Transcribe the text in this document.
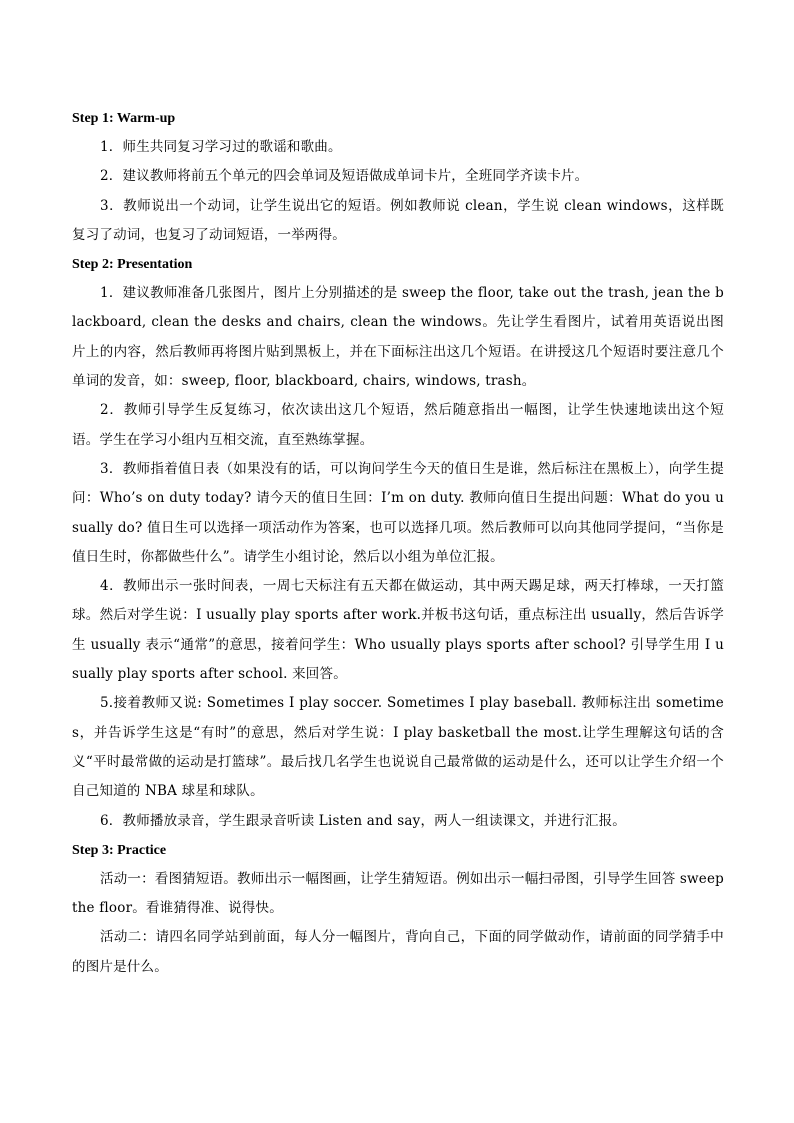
Step 1: Warm-up

1．师生共同复习学习过的歌谣和歌曲。

2．建议教师将前五个单元的四会单词及短语做成单词卡片，全班同学齐读卡片。

3．教师说出一个动词，让学生说出它的短语。例如教师说 clean，学生说 clean windows，这样既复习了动词，也复习了动词短语，一举两得。

Step 2: Presentation

1．建议教师准备几张图片，图片上分别描述的是 sweep the floor, take out the trash, jean the blackboard, clean the desks and chairs, clean the windows。先让学生看图片，试着用英语说出图片上的内容，然后教师再将图片贴到黑板上，并在下面标注出这几个短语。在讲授这几个短语时要注意几个单词的发音，如：sweep, floor, blackboard, chairs, windows, trash。

2．教师引导学生反复练习，依次读出这几个短语，然后随意指出一幅图，让学生快速地读出这个短语。学生在学习小组内互相交流，直至熟练掌握。

3．教师指着值日表（如果没有的话，可以询问学生今天的值日生是谁，然后标注在黑板上），向学生提问：Who’s on duty today? 请今天的值日生回：I’m on duty. 教师向值日生提出问题：What do you usually do? 值日生可以选择一项活动作为答案，也可以选择几项。然后教师可以向其他同学提问，“当你是值日生时，你都做些什么”。请学生小组讨论，然后以小组为单位汇报。

4．教师出示一张时间表，一周七天标注有五天都在做运动，其中两天踢足球，两天打棒球，一天打篮球。然后对学生说：I usually play sports after work.并板书这句话，重点标注出 usually，然后告诉学生 usually 表示“通常”的意思，接着问学生：Who usually plays sports after school? 引导学生用 I usually play sports after school. 来回答。

5.接着教师又说: Sometimes I play soccer. Sometimes I play baseball. 教师标注出 sometimes，并告诉学生这是“有时”的意思，然后对学生说：I play basketball the most.让学生理解这句话的含义“平时最常做的运动是打篮球”。最后找几名学生也说说自己最常做的运动是什么，还可以让学生介绍一个自己知道的 NBA 球星和球队。

6．教师播放录音，学生跟录音听读 Listen and say，两人一组读课文，并进行汇报。

Step 3: Practice

活动一：看图猜短语。教师出示一幅图画，让学生猜短语。例如出示一幅扫帚图，引导学生回答 sweep the floor。看谁猜得准、说得快。

活动二：请四名同学站到前面，每人分一幅图片，背向自己，下面的同学做动作，请前面的同学猜手中的图片是什么。
